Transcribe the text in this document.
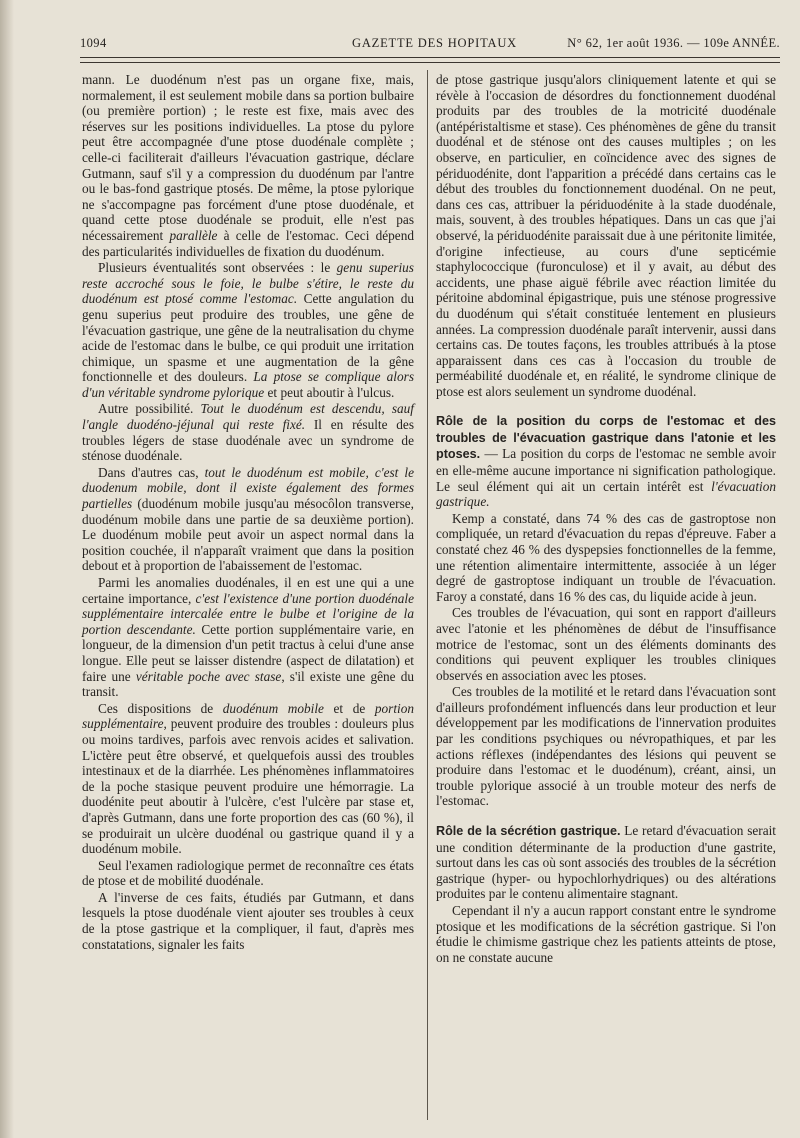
1094	GAZETTE DES HOPITAUX	N° 62, 1er août 1936. — 109e ANNÉE.

mann. Le duodénum n'est pas un organe fixe, mais, normalement, il est seulement mobile dans sa portion bulbaire (ou première portion) ; le reste est fixe, mais avec des réserves sur les positions individuelles. La ptose du pylore peut être accompagnée d'une ptose duodénale complète ; celle-ci faciliterait d'ailleurs l'évacuation gastrique, déclare Gutmann, sauf s'il y a compression du duodénum par l'antre ou le bas-fond gastrique ptosés. De même, la ptose pylorique ne s'accompagne pas forcément d'une ptose duodénale, et quand cette ptose duodénale se produit, elle n'est pas nécessairement parallèle à celle de l'estomac. Ceci dépend des particularités individuelles de fixation du duodénum.

Plusieurs éventualités sont observées : le genu superius reste accroché sous le foie, le bulbe s'étire, le reste du duodénum est ptosé comme l'estomac. Cette angulation du genu superius peut produire des troubles, une gêne de l'évacuation gastrique, une gêne de la neutralisation du chyme acide de l'estomac dans le bulbe, ce qui produit une irritation chimique, un spasme et une augmentation de la gêne fonctionnelle et des douleurs. La ptose se complique alors d'un véritable syndrome pylorique et peut aboutir à l'ulcus.

Autre possibilité. Tout le duodénum est descendu, sauf l'angle duodéno-jéjunal qui reste fixé. Il en résulte des troubles légers de stase duodénale avec un syndrome de sténose duodénale.

Dans d'autres cas, tout le duodénum est mobile, c'est le duodenum mobile, dont il existe également des formes partielles (duodénum mobile jusqu'au mésocôlon transverse, duodénum mobile dans une partie de sa deuxième portion). Le duodénum mobile peut avoir un aspect normal dans la position couchée, il n'apparaît vraiment que dans la position debout et à proportion de l'abaissement de l'estomac.

Parmi les anomalies duodénales, il en est une qui a une certaine importance, c'est l'existence d'une portion duodénale supplémentaire intercalée entre le bulbe et l'origine de la portion descendante. Cette portion supplémentaire varie, en longueur, de la dimension d'un petit tractus à celui d'une anse longue. Elle peut se laisser distendre (aspect de dilatation) et faire une véritable poche avec stase, s'il existe une gêne du transit.

Ces dispositions de duodénum mobile et de portion supplémentaire, peuvent produire des troubles : douleurs plus ou moins tardives, parfois avec renvois acides et salivation. L'ictère peut être observé, et quelquefois aussi des troubles intestinaux et de la diarrhée. Les phénomènes inflammatoires de la poche stasique peuvent produire une hémorragie. La duodénite peut aboutir à l'ulcère, c'est l'ulcère par stase et, d'après Gutmann, dans une forte proportion des cas (60 %), il se produirait un ulcère duodénal ou gastrique quand il y a duodénum mobile.

Seul l'examen radiologique permet de reconnaître ces états de ptose et de mobilité duodénale.

A l'inverse de ces faits, étudiés par Gutmann, et dans lesquels la ptose duodénale vient ajouter ses troubles à ceux de la ptose gastrique et la compliquer, il faut, d'après mes constatations, signaler les faits

de ptose gastrique jusqu'alors cliniquement latente et qui se révèle à l'occasion de désordres du fonctionnement duodénal produits par des troubles de la motricité duodénale (antépéristaltisme et stase). Ces phénomènes de gêne du transit duodénal et de sténose ont des causes multiples ; on les observe, en particulier, en coïncidence avec des signes de périduodénite, dont l'apparition a précédé dans certains cas le début des troubles du fonctionnement duodénal. On ne peut, dans ces cas, attribuer la périduodénite à la stade duodénale, mais, souvent, à des troubles hépatiques. Dans un cas que j'ai observé, la périduodénite paraissait due à une péritonite limitée, d'origine infectieuse, au cours d'une septicémie staphylococcique (furonculose) et il y avait, au début des accidents, une phase aiguë fébrile avec réaction limitée du péritoine abdominal épigastrique, puis une sténose progressive du duodénum qui s'était constituée lentement en plusieurs années. La compression duodénale paraît intervenir, aussi dans certains cas. De toutes façons, les troubles attribués à la ptose apparaissent dans ces cas à l'occasion du trouble de perméabilité duodénale et, en réalité, le syndrome clinique de ptose est alors seulement un syndrome duodénal.

Rôle de la position du corps de l'estomac et des troubles de l'évacuation gastrique dans l'atonie et les ptoses. — La position du corps de l'estomac ne semble avoir en elle-même aucune importance ni signification pathologique. Le seul élément qui ait un certain intérêt est l'évacuation gastrique.

Kemp a constaté, dans 74 % des cas de gastroptose non compliquée, un retard d'évacuation du repas d'épreuve. Faber a constaté chez 46 % des dyspepsies fonctionnelles de la femme, une rétention alimentaire intermittente, associée à un léger degré de gastroptose indiquant un trouble de l'évacuation. Faroy a constaté, dans 16 % des cas, du liquide acide à jeun.

Ces troubles de l'évacuation, qui sont en rapport d'ailleurs avec l'atonie et les phénomènes de début de l'insuffisance motrice de l'estomac, sont un des éléments dominants des conditions qui peuvent expliquer les troubles cliniques observés en association avec les ptoses.

Ces troubles de la motilité et le retard dans l'évacuation sont d'ailleurs profondément influencés dans leur production et leur développement par les modifications de l'innervation produites par les conditions psychiques ou névropathiques, et par les actions réflexes (indépendantes des lésions qui peuvent se produire dans l'estomac et le duodénum), créant, ainsi, un trouble pylorique associé à un trouble moteur des nerfs de l'estomac.

Rôle de la sécrétion gastrique. Le retard d'évacuation serait une condition déterminante de la production d'une gastrite, surtout dans les cas où sont associés des troubles de la sécrétion gastrique (hyper- ou hypochlorhydriques) ou des altérations produites par le contenu alimentaire stagnant.

Cependant il n'y a aucun rapport constant entre le syndrome ptosique et les modifications de la sécrétion gastrique. Si l'on étudie le chimisme gastrique chez les patients atteints de ptose, on ne constate aucune
